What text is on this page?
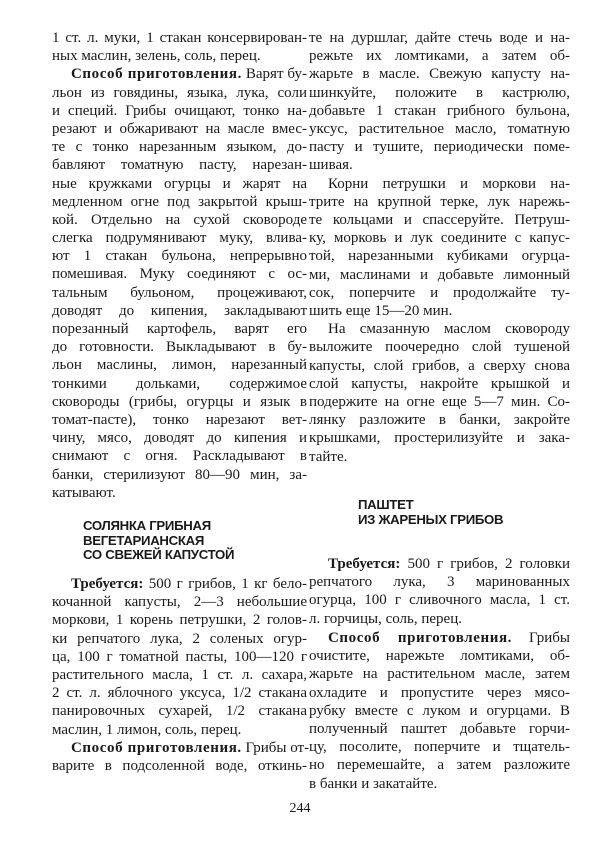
1 ст. л. муки, 1 стакан консервирован-
ных маслин, зелень, соль, перец.
Способ приготовления. Варят бу-
льон из говядины, языка, лука, соли
и специй. Грибы очищают, тонко на-
резают и обжаривают на масле вмес-
те с тонко нарезанным языком, до-
бавляют томатную пасту, нарезан-
ные кружками огурцы и жарят на
медленном огне под закрытой крыш-
кой. Отдельно на сухой сковороде
слегка подрумянивают муку, влива-
ют 1 стакан бульона, непрерывно
помешивая. Муку соединяют с ос-
тальным бульоном, процеживают,
доводят до кипения, закладывают
порезанный картофель, варят его
до готовности. Выкладывают в бу-
льон маслины, лимон, нарезанный
тонкими дольками, содержимое
сковороды (грибы, огурцы и язык в
томат-пасте), тонко нарезают вет-
чину, мясо, доводят до кипения и
снимают с огня. Раскладывают в
банки, стерилизуют 80—90 мин, за-
катывают.
СОЛЯНКА ГРИБНАЯ
ВЕГЕТАРИАНСКАЯ
СО СВЕЖЕЙ КАПУСТОЙ
Требуется: 500 г грибов, 1 кг бело-
кочанной капусты, 2—3 небольшие
моркови, 1 корень петрушки, 2 голов-
ки репчатого лука, 2 соленых огур-
ца, 100 г томатной пасты, 100—120 г
растительного масла, 1 ст. л. сахара,
2 ст. л. яблочного уксуса, 1/2 стакана
панировочных сухарей, 1/2 стакана
маслин, 1 лимон, соль, перец.
Способ приготовления. Грибы от-
варите в подсоленной воде, откинь-
те на дуршлаг, дайте стечь воде и на-
режьте их ломтиками, а затем об-
жарьте в масле. Свежую капусту на-
шинкуйте, положите в кастрюлю,
добавьте 1 стакан грибного бульона,
уксус, растительное масло, томатную
пасту и тушите, периодически поме-
шивая.
Корни петрушки и моркови на-
трите на крупной терке, лук нарежь-
те кольцами и спассеруйте. Петруш-
ку, морковь и лук соедините с капус-
той, нарезанными кубиками огурца-
ми, маслинами и добавьте лимонный
сок, поперчите и продолжайте ту-
шить еще 15—20 мин.
На смазанную маслом сковороду
выложите поочередно слой тушеной
капусты, слой грибов, а сверху снова
слой капусты, накройте крышкой и
подержите на огне еще 5—7 мин. Со-
лянку разложите в банки, закройте
крышками, простерилизуйте и зака-
тайте.
ПАШТЕТ
ИЗ ЖАРЕНЫХ ГРИБОВ
Требуется: 500 г грибов, 2 головки
репчатого лука, 3 маринованных
огурца, 100 г сливочного масла, 1 ст.
л. горчицы, соль, перец.
Способ приготовления. Грибы
очистите, нарежьте ломтиками, об-
жарьте на растительном масле, затем
охладите и пропустите через мясо-
рубку вместе с луком и огурцами. В
полученный паштет добавьте горчи-
цу, посолите, поперчите и тщатель-
но перемешайте, а затем разложите
в банки и закатайте.
244
